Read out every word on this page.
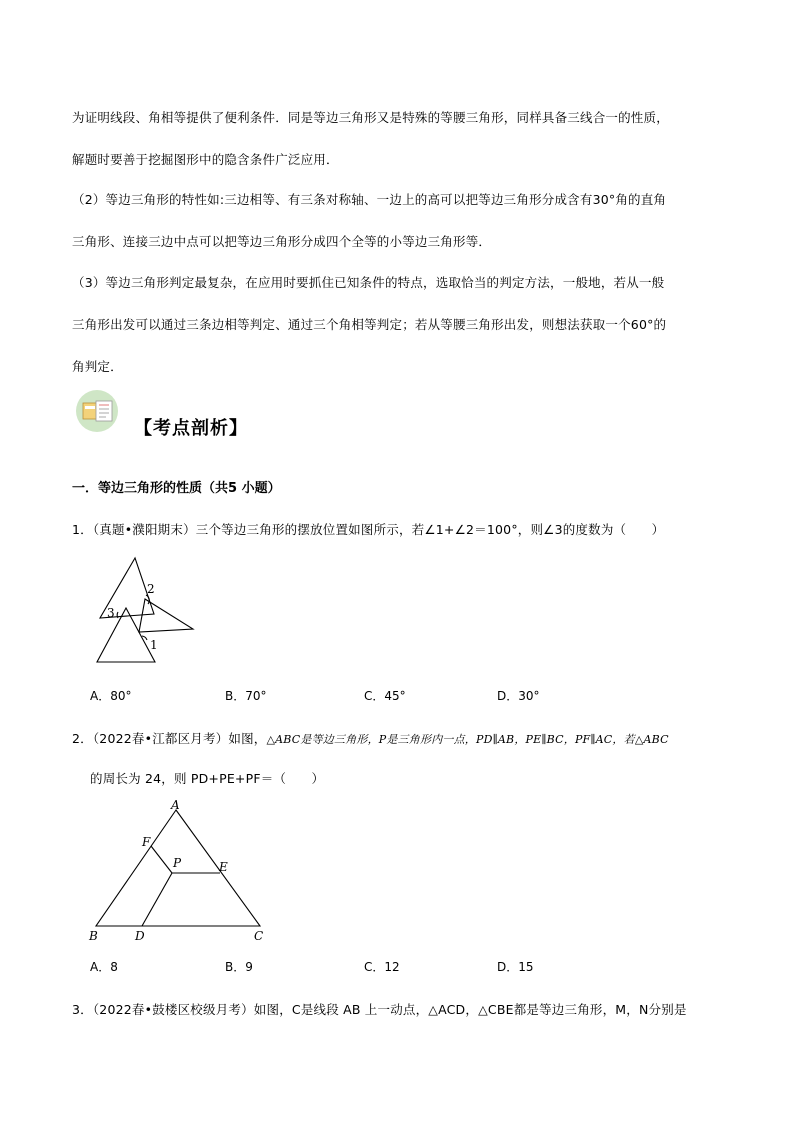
为证明线段、角相等提供了便利条件．同是等边三角形又是特殊的等腰三角形，同样具备三线合一的性质，
解题时要善于挖掘图形中的隐含条件广泛应用．
（2）等边三角形的特性如:三边相等、有三条对称轴、一边上的高可以把等边三角形分成含有30°角的直角
三角形、连接三边中点可以把等边三角形分成四个全等的小等边三角形等．
（3）等边三角形判定最复杂，在应用时要抓住已知条件的特点，选取恰当的判定方法，一般地，若从一般
三角形出发可以通过三条边相等判定、通过三个角相等判定；若从等腰三角形出发，则想法获取一个60°的
角判定．
【考点剖析】
一．等边三角形的性质（共5 小题）
1．（真题•濮阳期末）三个等边三角形的摆放位置如图所示，若∠1+∠2＝100°，则∠3的度数为（　　）
2
3
1
A．80°	B．70°	C．45°	D．30°
2．（2022春•江都区月考）如图，△ABC是等边三角形，P是三角形内一点，PD∥AB，PE∥BC，PF∥AC，若△ABC
的周长为 24，则 PD+PE+PF＝（　　）
A
F
P	E
B	D	C
A．8	B．9	C．12	D．15
3．（2022春•鼓楼区校级月考）如图，C是线段 AB 上一动点，△ACD，△CBE都是等边三角形，M，N分别是
